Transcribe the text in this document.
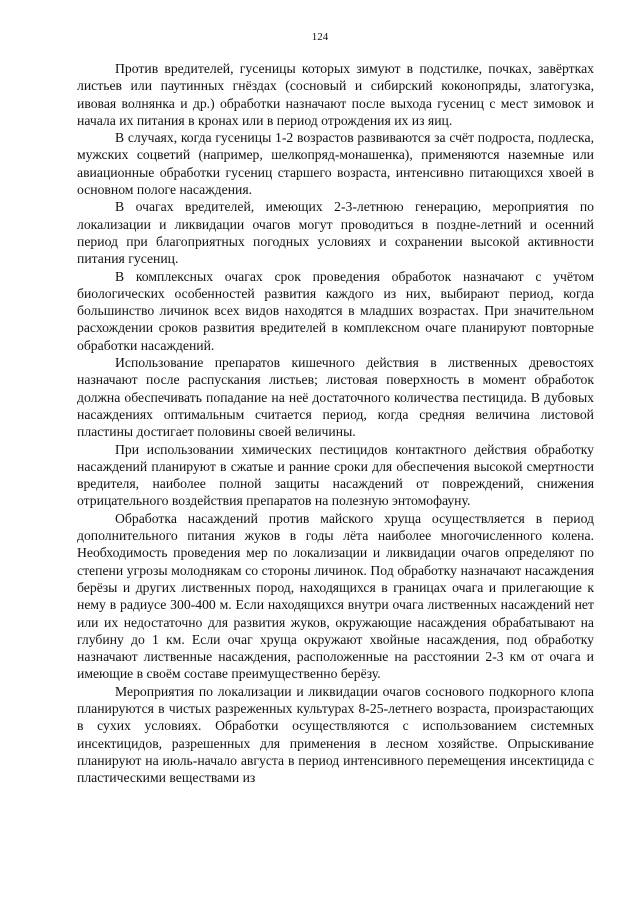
124

Против вредителей, гусеницы которых зимуют в подстилке, почках, завёртках листьев или паутинных гнёздах (сосновый и сибирский коконопряды, златогузка, ивовая волнянка и др.) обработки назначают после выхода гусениц с мест зимовок и начала их питания в кронах или в период отрождения их из яиц.

В случаях, когда гусеницы 1-2 возрастов развиваются за счёт подроста, подлеска, мужских соцветий (например, шелкопряд-монашенка), применяются наземные или авиационные обработки гусениц старшего возраста, интенсивно питающихся хвоей в основном пологе насаждения.

В очагах вредителей, имеющих 2-3-летнюю генерацию, мероприятия по локализации и ликвидации очагов могут проводиться в поздне-летний и осенний период при благоприятных погодных условиях и сохранении высокой активности питания гусениц.

В комплексных очагах срок проведения обработок назначают с учётом биологических особенностей развития каждого из них, выбирают период, когда большинство личинок всех видов находятся в младших возрастах. При значительном расхождении сроков развития вредителей в комплексном очаге планируют повторные обработки насаждений.

Использование препаратов кишечного действия в лиственных древостоях назначают после распускания листьев; листовая поверхность в момент обработок должна обеспечивать попадание на неё достаточного количества пестицида. В дубовых насаждениях оптимальным считается период, когда средняя величина листовой пластины достигает половины своей величины.

При использовании химических пестицидов контактного действия обработку насаждений планируют в сжатые и ранние сроки для обеспечения высокой смертности вредителя, наиболее полной защиты насаждений от повреждений, снижения отрицательного воздействия препаратов на полезную энтомофауну.

Обработка насаждений против майского хруща осуществляется в период дополнительного питания жуков в годы лёта наиболее многочисленного колена. Необходимость проведения мер по локализации и ликвидации очагов определяют по степени угрозы молоднякам со стороны личинок. Под обработку назначают насаждения берёзы и других лиственных пород, находящихся в границах очага и прилегающие к нему в радиусе 300-400 м. Если находящихся внутри очага лиственных насаждений нет или их недостаточно для развития жуков, окружающие насаждения обрабатывают на глубину до 1 км. Если очаг хруща окружают хвойные насаждения, под обработку назначают лиственные насаждения, расположенные на расстоянии 2-3 км от очага и имеющие в своём составе преимущественно берёзу.

Мероприятия по локализации и ликвидации очагов соснового подкорного клопа планируются в чистых разреженных культурах 8-25-летнего возраста, произрастающих в сухих условиях. Обработки осуществляются с использованием системных инсектицидов, разрешенных для применения в лесном хозяйстве. Опрыскивание планируют на июль-начало августа в период интенсивного перемещения инсектицида с пластическими веществами из
